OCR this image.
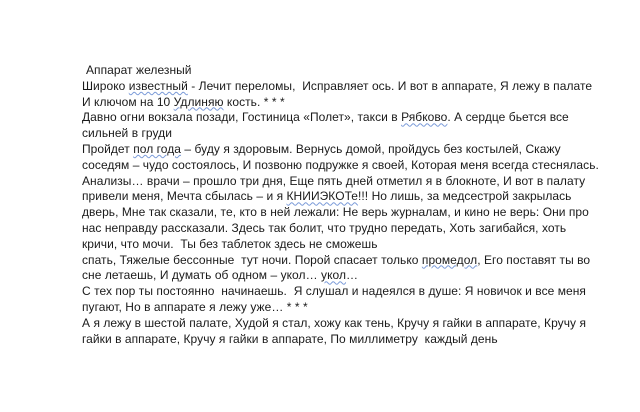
Аппарат железный
Широко известный - Лечит переломы,  Исправляет ось. И вот в аппарате, Я лежу в палате
И ключом на 10 Удлиняю кость. * * *
Давно огни вокзала позади, Гостиница «Полет», такси в Рябково. А сердце бьется все
сильней в груди
Пройдет пол года – буду я здоровым. Вернусь домой, пройдусь без костылей, Скажу
соседям – чудо состоялось, И позвоню подружке я своей, Которая меня всегда стеснялась.
Анализы… врачи – прошло три дня, Еще пять дней отметил я в блокноте, И вот в палату
привели меня, Мечта сбылась – и я КНИИЭКОТе!!! Но лишь, за медсестрой закрылась
дверь, Мне так сказали, те, кто в ней лежали: Не верь журналам, и кино не верь: Они про
нас неправду рассказали. Здесь так болит, что трудно передать, Хоть загибайся, хоть
кричи, что мочи.  Ты без таблеток здесь не сможешь
спать, Тяжелые бессонные  тут ночи. Порой спасает только промедол, Его поставят ты во
сне летаешь, И думать об одном – укол… укол…
С тех пор ты постоянно  начинаешь.  Я слушал и надеялся в душе: Я новичок и все меня
пугают, Но в аппарате я лежу уже… * * *
А я лежу в шестой палате, Худой я стал, хожу как тень, Кручу я гайки в аппарате, Кручу я
гайки в аппарате, Кручу я гайки в аппарате, По миллиметру  каждый день
